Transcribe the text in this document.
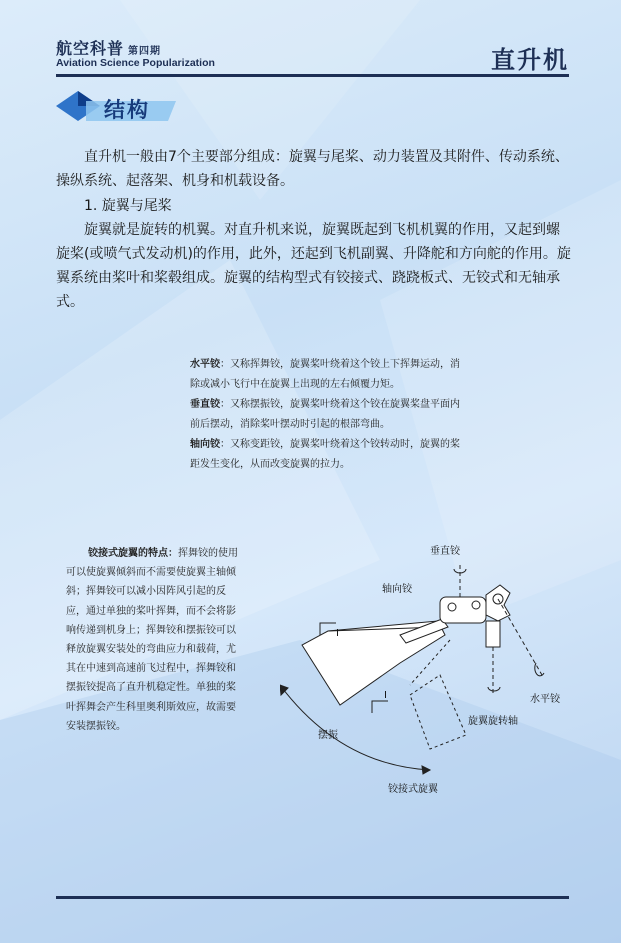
航空科普 第四期
Aviation Science Popularization	直升机
结构
直升机一般由7个主要部分组成：旋翼与尾桨、动力装置及其附件、传动系统、操纵系统、起落架、机身和机载设备。
1. 旋翼与尾桨
旋翼就是旋转的机翼。对直升机来说，旋翼既起到飞机机翼的作用，又起到螺旋桨(或喷气式发动机)的作用，此外，还起到飞机副翼、升降舵和方向舵的作用。旋翼系统由桨叶和桨毂组成。旋翼的结构型式有铰接式、跷跷板式、无铰式和无轴承式。

水平铰：又称挥舞铰，旋翼桨叶绕着这个铰上下挥舞运动，消除或减小飞行中在旋翼上出现的左右倾覆力矩。

垂直铰：又称摆振铰，旋翼桨叶绕着这个铰在旋翼桨盘平面内前后摆动，消除桨叶摆动时引起的根部弯曲。

轴向铰：又称变距铰，旋翼桨叶绕着这个铰转动时，旋翼的桨距发生变化，从而改变旋翼的拉力。

铰接式旋翼的特点：挥舞铰的使用可以使旋翼倾斜而不需要使旋翼主轴倾斜；挥舞铰可以减小因阵风引起的反应，通过单独的桨叶挥舞，而不会将影响传递到机身上；挥舞铰和摆振铰可以释放旋翼安装处的弯曲应力和载荷，尤其在中速到高速前飞过程中，挥舞铰和摆振铰提高了直升机稳定性。单独的桨叶挥舞会产生科里奥利斯效应，故需要安装摆振铰。
垂直铰
轴向铰
水平铰
旋翼旋转轴
摆振
I
I
铰接式旋翼
